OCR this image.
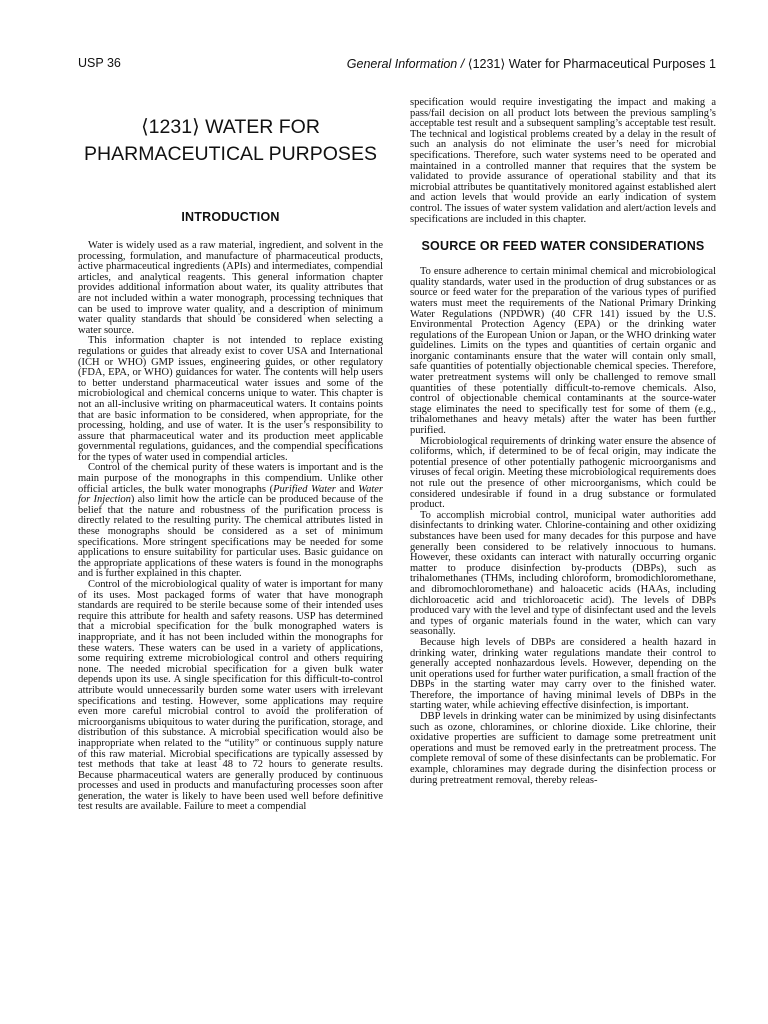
USP 36	General Information / ⟨1231⟩ Water for Pharmaceutical Purposes 1
⟨1231⟩ WATER FOR
PHARMACEUTICAL PURPOSES
INTRODUCTION

Water is widely used as a raw material, ingredient, and solvent in the processing, formulation, and manufacture of pharmaceutical products, active pharmaceutical ingredients (APIs) and intermediates, compendial articles, and analytical reagents. This general information chapter provides additional information about water, its quality attributes that are not included within a water monograph, processing techniques that can be used to improve water quality, and a description of minimum water quality standards that should be considered when selecting a water source.

This information chapter is not intended to replace existing regulations or guides that already exist to cover USA and International (ICH or WHO) GMP issues, engineering guides, or other regulatory (FDA, EPA, or WHO) guidances for water. The contents will help users to better understand pharmaceutical water issues and some of the microbiological and chemical concerns unique to water. This chapter is not an all-inclusive writing on pharmaceutical waters. It contains points that are basic information to be considered, when appropriate, for the processing, holding, and use of water. It is the user’s responsibility to assure that pharmaceutical water and its production meet applicable governmental regulations, guidances, and the compendial specifications for the types of water used in compendial articles.

Control of the chemical purity of these waters is important and is the main purpose of the monographs in this compendium. Unlike other official articles, the bulk water monographs (Purified Water and Water for Injection) also limit how the article can be produced because of the belief that the nature and robustness of the purification process is directly related to the resulting purity. The chemical attributes listed in these monographs should be considered as a set of minimum specifications. More stringent specifications may be needed for some applications to ensure suitability for particular uses. Basic guidance on the appropriate applications of these waters is found in the monographs and is further explained in this chapter.

Control of the microbiological quality of water is important for many of its uses. Most packaged forms of water that have monograph standards are required to be sterile because some of their intended uses require this attribute for health and safety reasons. USP has determined that a microbial specification for the bulk monographed waters is inappropriate, and it has not been included within the monographs for these waters. These waters can be used in a variety of applications, some requiring extreme microbiological control and others requiring none. The needed microbial specification for a given bulk water depends upon its use. A single specification for this difficult-to-control attribute would unnecessarily burden some water users with irrelevant specifications and testing. However, some applications may require even more careful microbial control to avoid the proliferation of microorganisms ubiquitous to water during the purification, storage, and distribution of this substance. A microbial specification would also be inappropriate when related to the “utility” or continuous supply nature of this raw material. Microbial specifications are typically assessed by test methods that take at least 48 to 72 hours to generate results. Because pharmaceutical waters are generally produced by continuous processes and used in products and manufacturing processes soon after generation, the water is likely to have been used well before definitive test results are available. Failure to meet a compendial

specification would require investigating the impact and making a pass/fail decision on all product lots between the previous sampling’s acceptable test result and a subsequent sampling’s acceptable test result. The technical and logistical problems created by a delay in the result of such an analysis do not eliminate the user’s need for microbial specifications. Therefore, such water systems need to be operated and maintained in a controlled manner that requires that the system be validated to provide assurance of operational stability and that its microbial attributes be quantitatively monitored against established alert and action levels that would provide an early indication of system control. The issues of water system validation and alert/action levels and specifications are included in this chapter.

SOURCE OR FEED WATER CONSIDERATIONS

To ensure adherence to certain minimal chemical and microbiological quality standards, water used in the production of drug substances or as source or feed water for the preparation of the various types of purified waters must meet the requirements of the National Primary Drinking Water Regulations (NPDWR) (40 CFR 141) issued by the U.S. Environmental Protection Agency (EPA) or the drinking water regulations of the European Union or Japan, or the WHO drinking water guidelines. Limits on the types and quantities of certain organic and inorganic contaminants ensure that the water will contain only small, safe quantities of potentially objectionable chemical species. Therefore, water pretreatment systems will only be challenged to remove small quantities of these potentially difficult-to-remove chemicals. Also, control of objectionable chemical contaminants at the source-water stage eliminates the need to specifically test for some of them (e.g., trihalomethanes and heavy metals) after the water has been further purified.

Microbiological requirements of drinking water ensure the absence of coliforms, which, if determined to be of fecal origin, may indicate the potential presence of other potentially pathogenic microorganisms and viruses of fecal origin. Meeting these microbiological requirements does not rule out the presence of other microorganisms, which could be considered undesirable if found in a drug substance or formulated product.

To accomplish microbial control, municipal water authorities add disinfectants to drinking water. Chlorine-containing and other oxidizing substances have been used for many decades for this purpose and have generally been considered to be relatively innocuous to humans. However, these oxidants can interact with naturally occurring organic matter to produce disinfection by-products (DBPs), such as trihalomethanes (THMs, including chloroform, bromodichloromethane, and dibromochloromethane) and haloacetic acids (HAAs, including dichloroacetic acid and trichloroacetic acid). The levels of DBPs produced vary with the level and type of disinfectant used and the levels and types of organic materials found in the water, which can vary seasonally.

Because high levels of DBPs are considered a health hazard in drinking water, drinking water regulations mandate their control to generally accepted nonhazardous levels. However, depending on the unit operations used for further water purification, a small fraction of the DBPs in the starting water may carry over to the finished water. Therefore, the importance of having minimal levels of DBPs in the starting water, while achieving effective disinfection, is important.

DBP levels in drinking water can be minimized by using disinfectants such as ozone, chloramines, or chlorine dioxide. Like chlorine, their oxidative properties are sufficient to damage some pretreatment unit operations and must be removed early in the pretreatment process. The complete removal of some of these disinfectants can be problematic. For example, chloramines may degrade during the disinfection process or during pretreatment removal, thereby releas-
